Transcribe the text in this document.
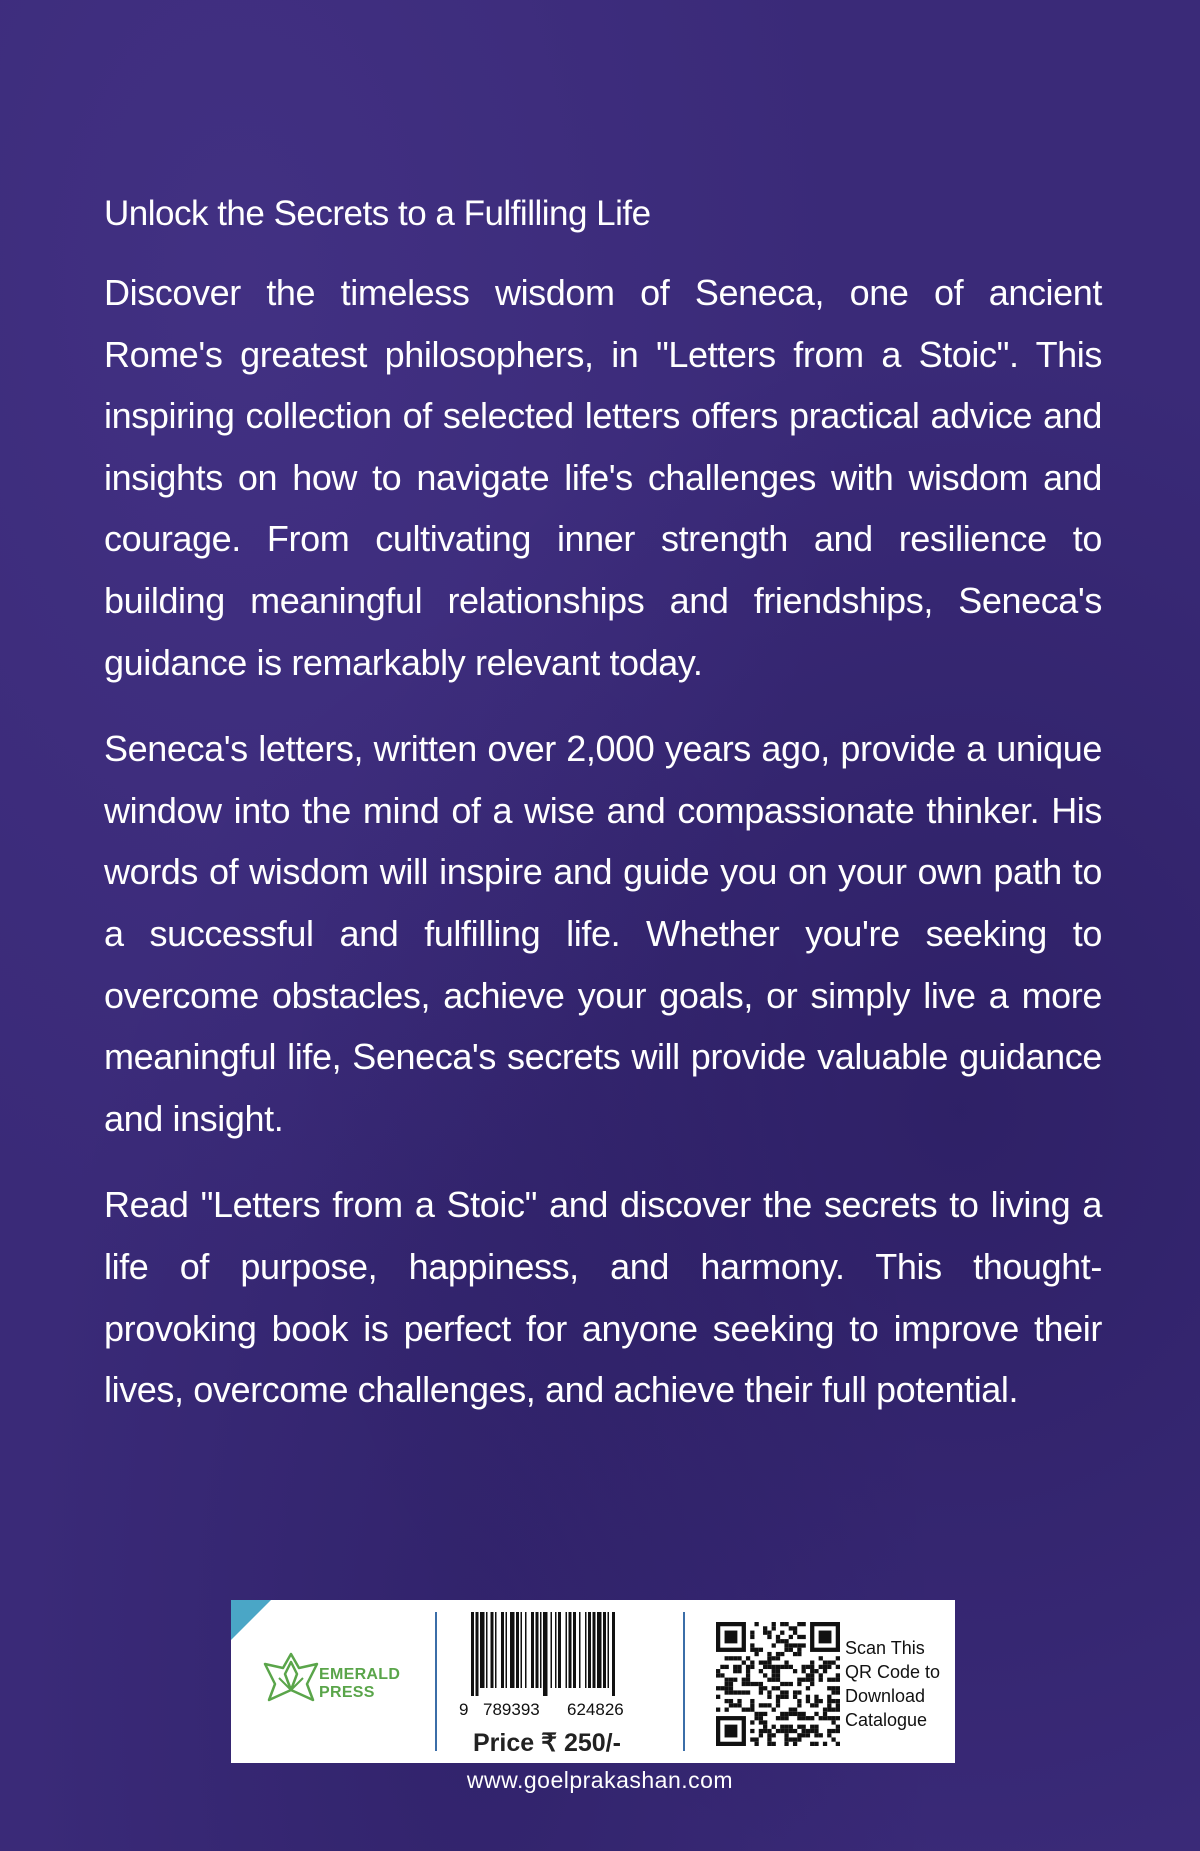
Unlock the Secrets to a Fulfilling Life

Discover the timeless wisdom of Seneca, one of ancient Rome's greatest philosophers, in "Letters from a Stoic". This inspiring collection of selected letters offers practical advice and insights on how to navigate life's challenges with wisdom and courage. From cultivating inner strength and resilience to building meaningful relationships and friendships, Seneca's guidance is remarkably relevant today.

Seneca's letters, written over 2,000 years ago, provide a unique window into the mind of a wise and compassionate thinker. His words of wisdom will inspire and guide you on your own path to a successful and fulfilling life. Whether you're seeking to overcome obstacles, achieve your goals, or simply live a more meaningful life, Seneca's secrets will provide valuable guidance and insight.

Read "Letters from a Stoic" and discover the secrets to living a life of purpose, happiness, and harmony. This thought-provoking book is perfect for anyone seeking to improve their lives, overcome challenges, and achieve their full potential.

EMERALD
PRESS
9 789393 624826
Price ₹ 250/-
Scan This
QR Code to
Download
Catalogue
www.goelprakashan.com
